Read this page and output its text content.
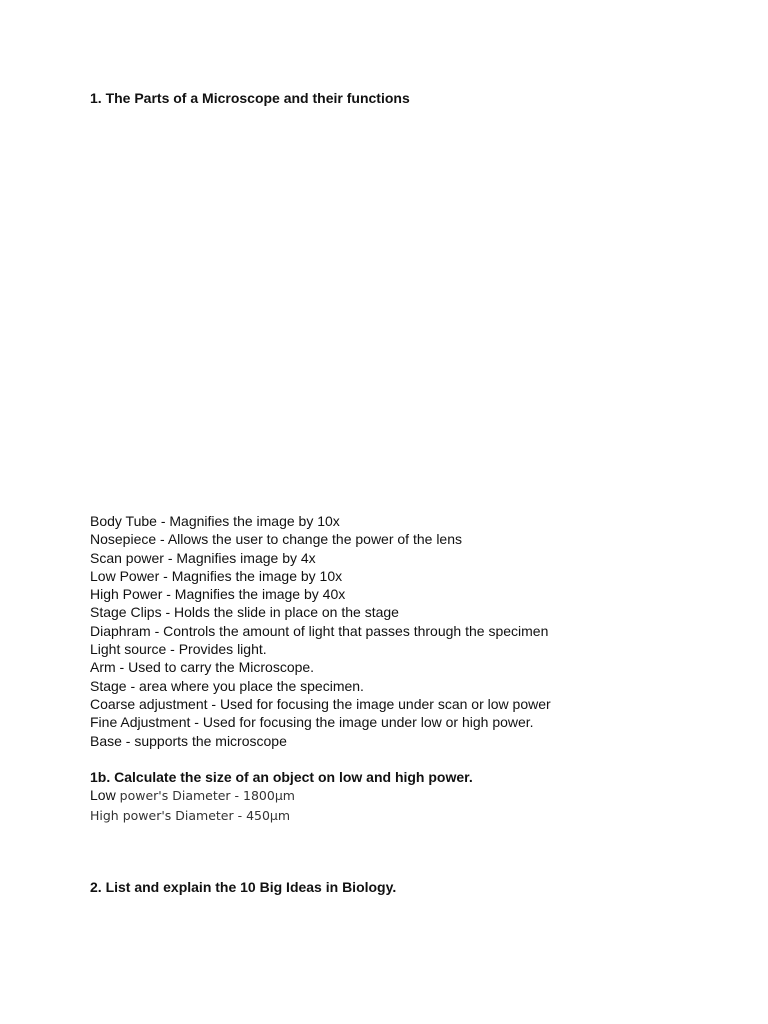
1. The Parts of a Microscope and their functions
Body Tube - Magnifies the image by 10x
Nosepiece - Allows the user to change the power of the lens
Scan power - Magnifies image by 4x
Low Power - Magnifies the image by 10x
High Power - Magnifies the image by 40x
Stage Clips - Holds the slide in place on the stage
Diaphram - Controls the amount of light that passes through the specimen
Light source - Provides light.
Arm - Used to carry the Microscope.
Stage - area where you place the specimen.
Coarse adjustment - Used for focusing the image under scan or low power
Fine Adjustment - Used for focusing the image under low or high power.
Base - supports the microscope
1b. Calculate the size of an object on low and high power.
Low power's Diameter - 1800µm
High power's Diameter - 450µm
2. List and explain the 10 Big Ideas in Biology.
